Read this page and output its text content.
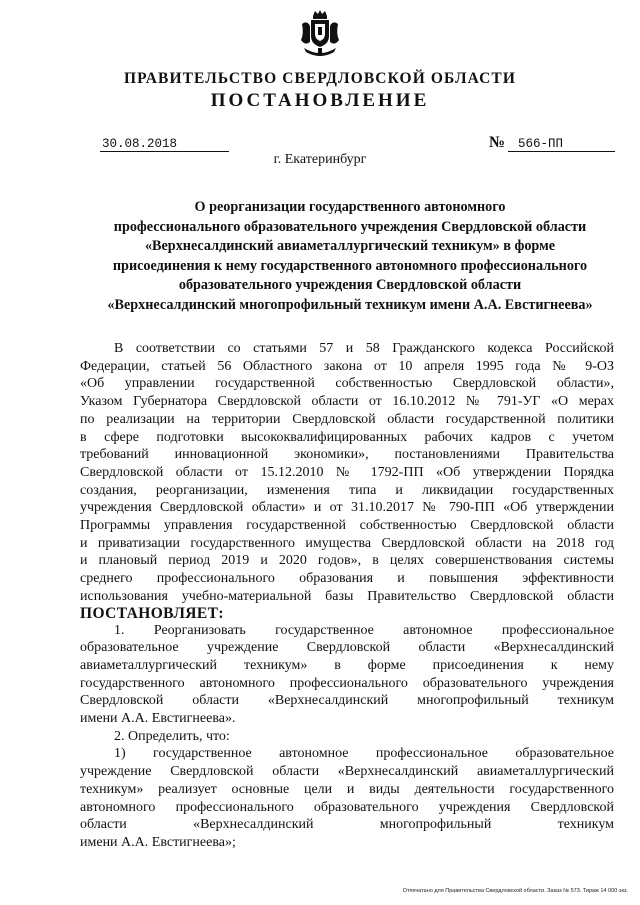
ПРАВИТЕЛЬСТВО СВЕРДЛОВСКОЙ ОБЛАСТИ
ПОСТАНОВЛЕНИЕ
30.08.2018	№	566-ПП
г. Екатеринбург
О реорганизации государственного автономного
профессионального образовательного учреждения Свердловской области
«Верхнесалдинский авиаметаллургический техникум» в форме
присоединения к нему государственного автономного профессионального
образовательного учреждения Свердловской области
«Верхнесалдинский многопрофильный техникум имени А.А. Евстигнеева»
В соответствии со статьями 57 и 58 Гражданского кодекса Российской
Федерации, статьей 56 Областного закона от 10 апреля 1995 года № 9-ОЗ
«Об управлении государственной собственностью Свердловской области»,
Указом Губернатора Свердловской области от 16.10.2012 № 791-УГ «О мерах
по реализации на территории Свердловской области государственной политики
в сфере подготовки высококвалифицированных рабочих кадров с учетом
требований инновационной экономики», постановлениями Правительства
Свердловской области от 15.12.2010 № 1792-ПП «Об утверждении Порядка
создания, реорганизации, изменения типа и ликвидации государственных
учреждения Свердловской области» и от 31.10.2017 № 790-ПП «Об утверждении
Программы управления государственной собственностью Свердловской области
и приватизации государственного имущества Свердловской области на 2018 год
и плановый период 2019 и 2020 годов», в целях совершенствования системы
среднего профессионального образования и повышения эффективности
использования учебно-материальной базы Правительство Свердловской области
ПОСТАНОВЛЯЕТ:
1. Реорганизовать государственное автономное профессиональное
образовательное учреждение Свердловской области «Верхнесалдинский
авиаметаллургический техникум» в форме присоединения к нему
государственного автономного профессионального образовательного учреждения
Свердловской области «Верхнесалдинский многопрофильный техникум
имени А.А. Евстигнеева».
2. Определить, что:
1) государственное автономное профессиональное образовательное
учреждение Свердловской области «Верхнесалдинский авиаметаллургический
техникум» реализует основные цели и виды деятельности государственного
автономного профессионального образовательного учреждения Свердловской
области «Верхнесалдинский многопрофильный техникум
имени А.А. Евстигнеева»;
Отпечатано для Правительства Свердловской области. Заказ № 573. Тираж 14 000 экз.
